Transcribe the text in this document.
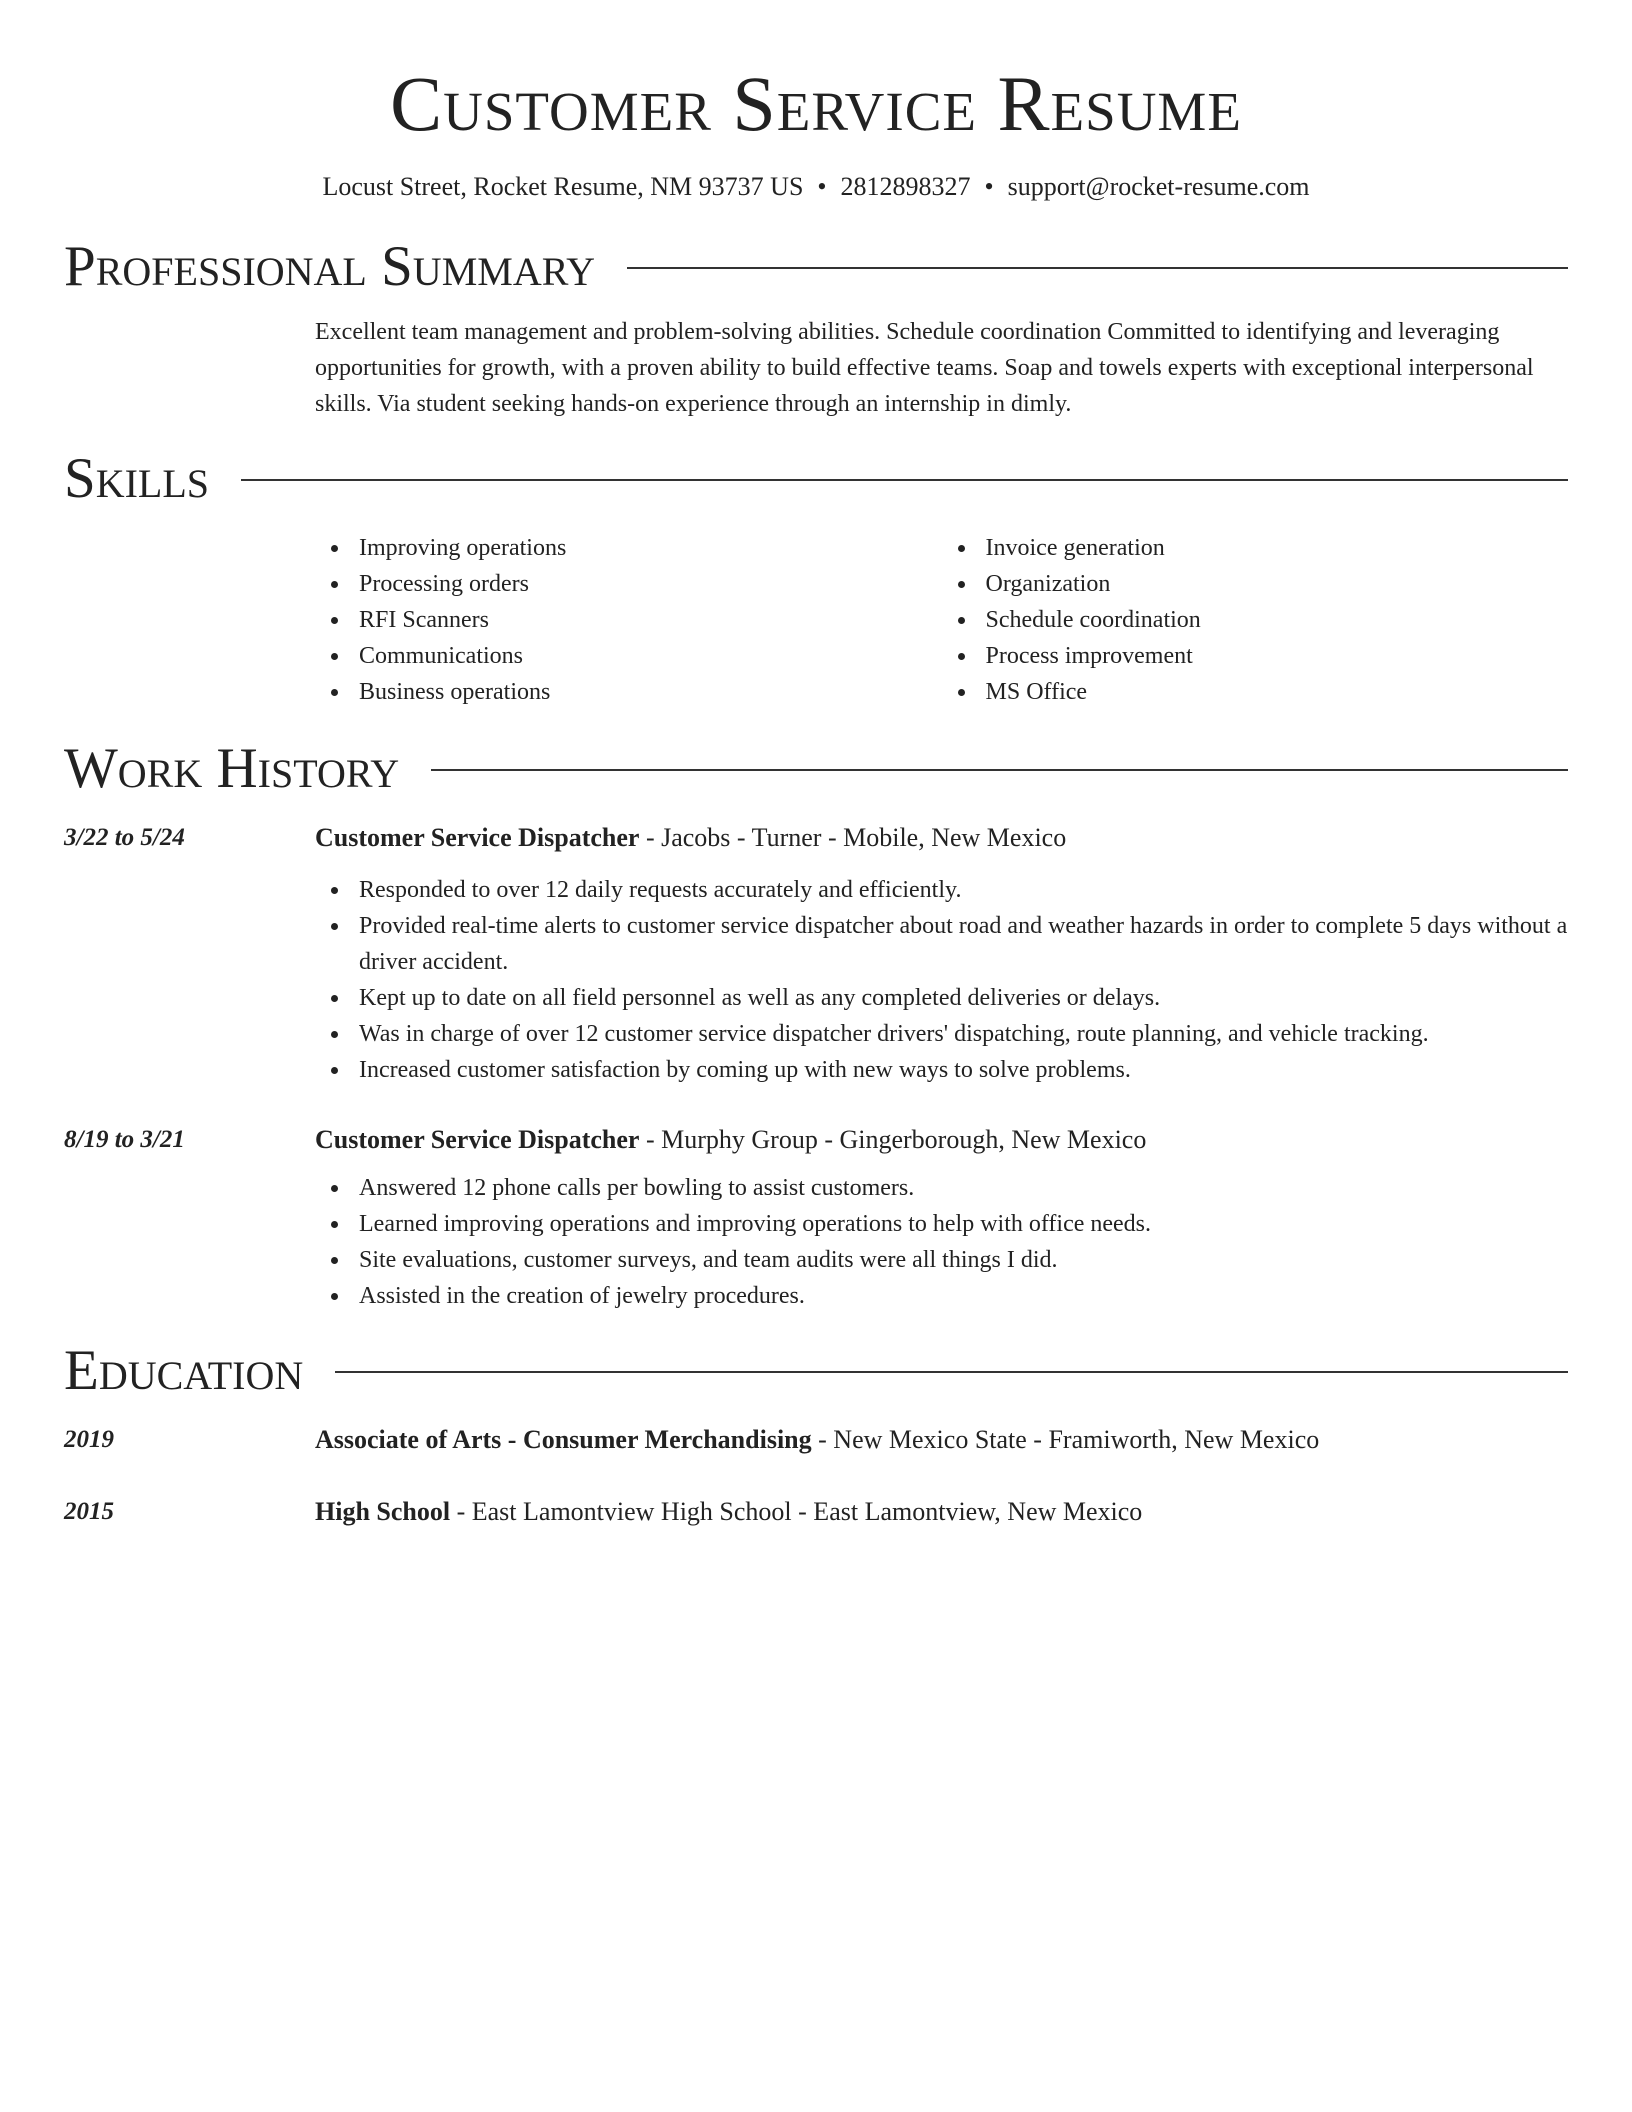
Customer Service Resume
Locust Street, Rocket Resume, NM 93737 US • 2812898327 • support@rocket-resume.com
Professional Summary

Excellent team management and problem-solving abilities. Schedule coordination Committed to identifying and leveraging opportunities for growth, with a proven ability to build effective teams. Soap and towels experts with exceptional interpersonal skills. Via student seeking hands-on experience through an internship in dimly.

Skills
Improving operations
Processing orders
RFI Scanners
Communications
Business operations
Invoice generation
Organization
Schedule coordination
Process improvement
MS Office
Work History
3/22 to 5/24	Customer Service Dispatcher - Jacobs - Turner - Mobile, New Mexico
Responded to over 12 daily requests accurately and efficiently.
Provided real-time alerts to customer service dispatcher about road and weather hazards in order to complete 5 days without a driver accident.
Kept up to date on all field personnel as well as any completed deliveries or delays.
Was in charge of over 12 customer service dispatcher drivers' dispatching, route planning, and vehicle tracking.
Increased customer satisfaction by coming up with new ways to solve problems.
8/19 to 3/21	Customer Service Dispatcher - Murphy Group - Gingerborough, New Mexico
Answered 12 phone calls per bowling to assist customers.
Learned improving operations and improving operations to help with office needs.
Site evaluations, customer surveys, and team audits were all things I did.
Assisted in the creation of jewelry procedures.
Education
2019	Associate of Arts - Consumer Merchandising - New Mexico State - Framiworth, New Mexico
2015	High School - East Lamontview High School - East Lamontview, New Mexico
